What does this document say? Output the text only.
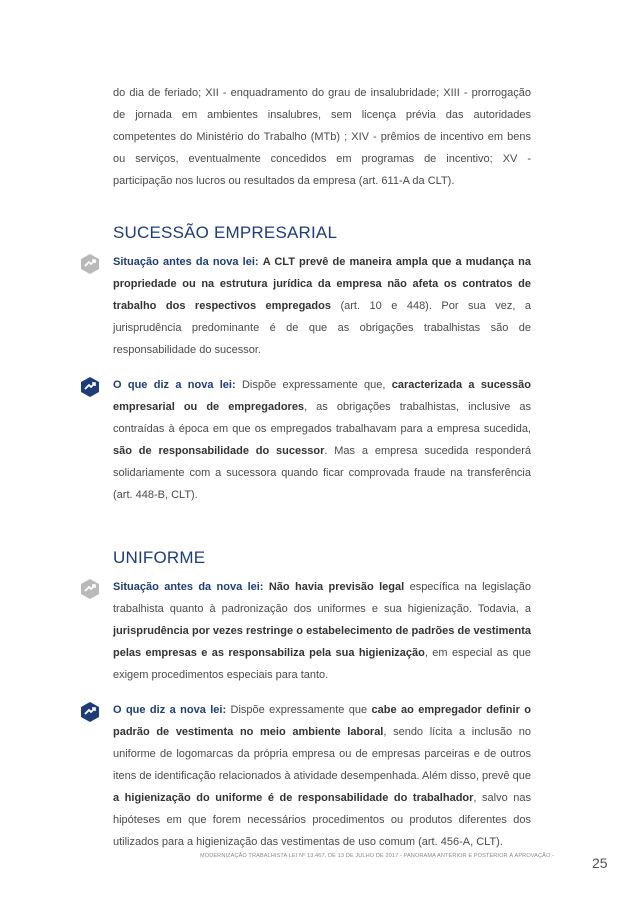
do dia de feriado; XII - enquadramento do grau de insalubridade; XIII - prorrogação de jornada em ambientes insalubres, sem licença prévia das autoridades competentes do Ministério do Trabalho (MTb) ; XIV - prêmios de incentivo em bens ou serviços, eventualmente concedidos em programas de incentivo; XV - participação nos lucros ou resultados da empresa (art. 611-A da CLT).

SUCESSÃO EMPRESARIAL

Situação antes da nova lei: A CLT prevê de maneira ampla que a mudança na propriedade ou na estrutura jurídica da empresa não afeta os contratos de trabalho dos respectivos empregados (art. 10 e 448). Por sua vez, a jurisprudência predominante é de que as obrigações trabalhistas são de responsabilidade do sucessor.

O que diz a nova lei: Dispõe expressamente que, caracterizada a sucessão empresarial ou de empregadores, as obrigações trabalhistas, inclusive as contraídas à época em que os empregados trabalhavam para a empresa sucedida, são de responsabilidade do sucessor. Mas a empresa sucedida responderá solidariamente com a sucessora quando ficar comprovada fraude na transferência (art. 448-B, CLT).

UNIFORME

Situação antes da nova lei: Não havia previsão legal específica na legislação trabalhista quanto à padronização dos uniformes e sua higienização. Todavia, a jurisprudência por vezes restringe o estabelecimento de padrões de vestimenta pelas empresas e as responsabiliza pela sua higienização, em especial as que exigem procedimentos especiais para tanto.

O que diz a nova lei: Dispõe expressamente que cabe ao empregador definir o padrão de vestimenta no meio ambiente laboral, sendo lícita a inclusão no uniforme de logomarcas da própria empresa ou de empresas parceiras e de outros itens de identificação relacionados à atividade desempenhada. Além disso, prevê que a higienização do uniforme é de responsabilidade do trabalhador, salvo nas hipóteses em que forem necessários procedimentos ou produtos diferentes dos utilizados para a higienização das vestimentas de uso comum (art. 456-A, CLT).

MODERNIZAÇÃO TRABALHISTA LEI Nº 13.467, DE 13 DE JULHO DE 2017 - PANORAMA ANTERIOR E POSTERIOR À APROVAÇÃO -	25
